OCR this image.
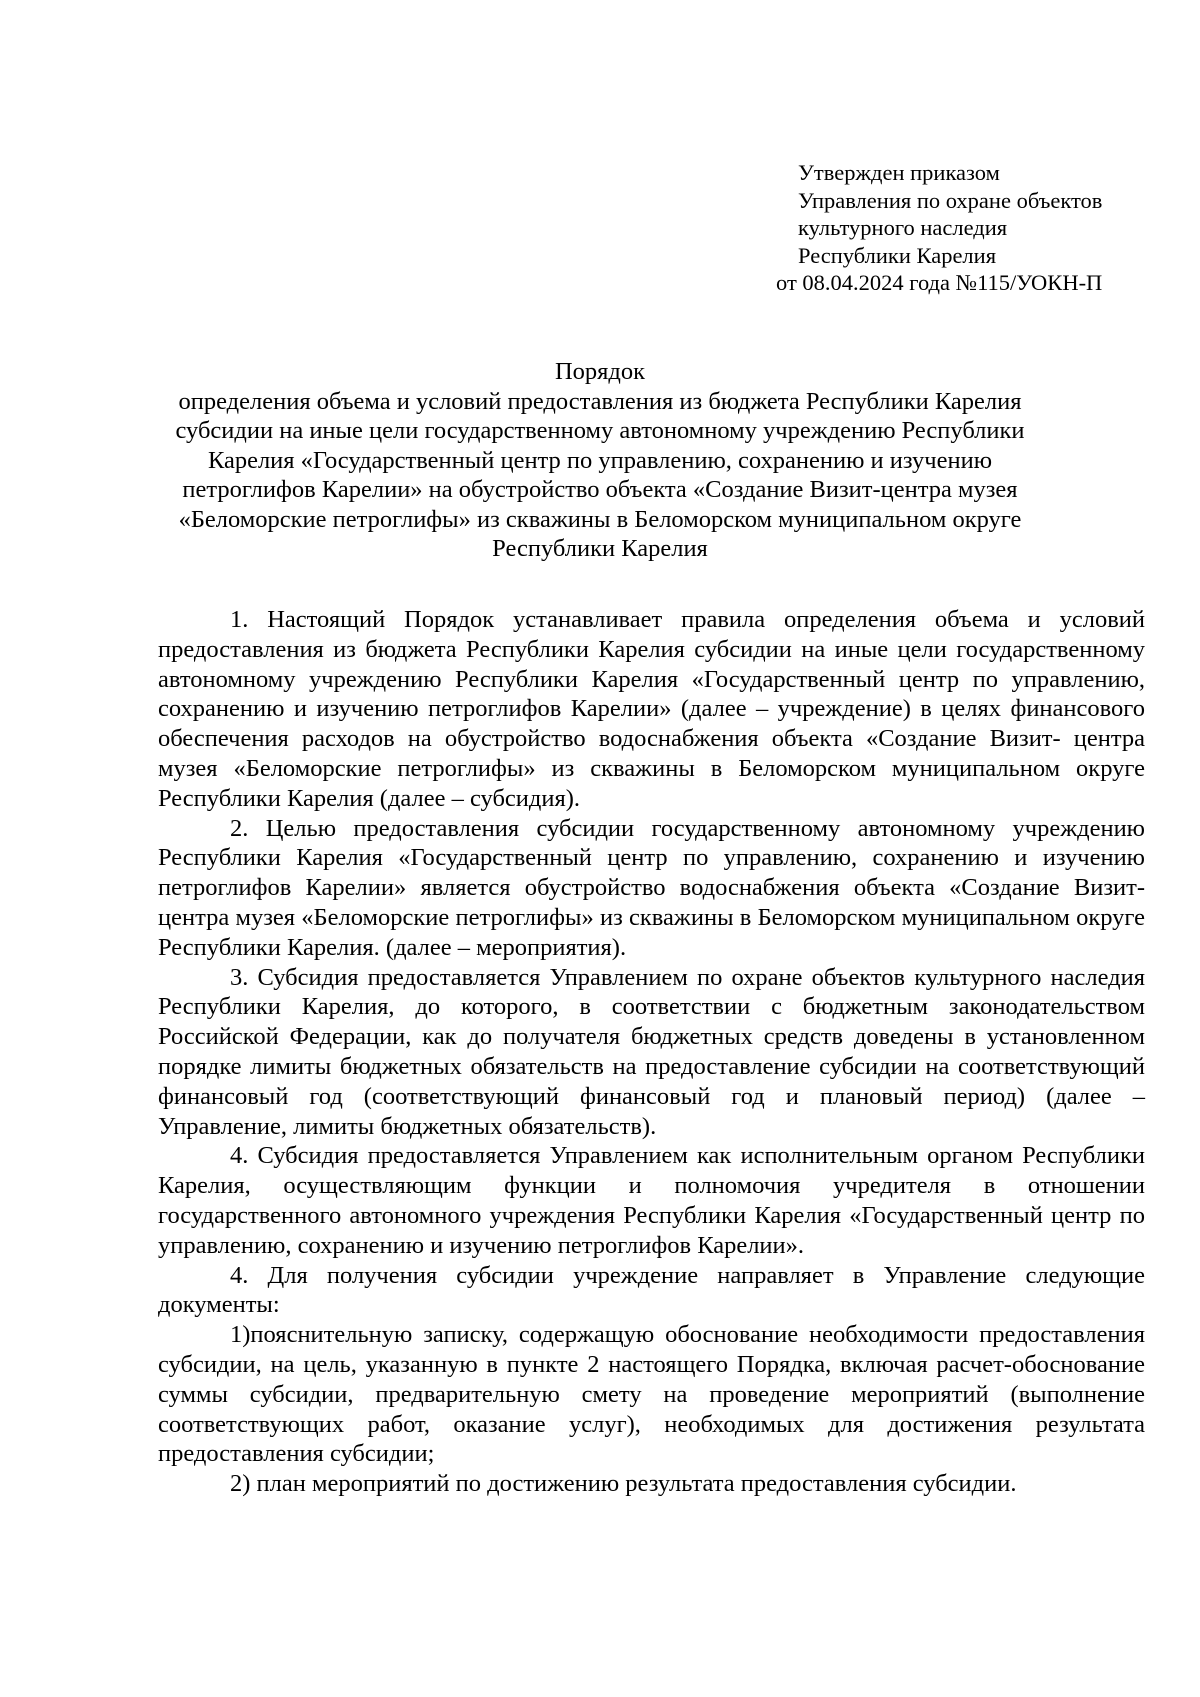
Утвержден приказом
Управления по охране объектов
культурного наследия
Республики Карелия
от 08.04.2024 года №115/УОКН-П
Порядок
определения объема и условий предоставления из бюджета Республики Карелия
субсидии на иные цели государственному автономному учреждению Республики
Карелия «Государственный центр по управлению, сохранению и изучению
петроглифов Карелии» на обустройство объекта «Создание Визит-центра музея
«Беломорские петроглифы» из скважины в Беломорском муниципальном округе
Республики Карелия

1. Настоящий Порядок устанавливает правила определения объема и условий предоставления из бюджета Республики Карелия субсидии на иные цели государственному автономному учреждению Республики Карелия «Государственный центр по управлению, сохранению и изучению петроглифов Карелии» (далее – учреждение) в целях финансового обеспечения расходов на обустройство водоснабжения объекта «Создание Визит- центра музея «Беломорские петроглифы» из скважины в Беломорском муниципальном округе Республики Карелия (далее – субсидия).

2. Целью предоставления субсидии государственному автономному учреждению Республики Карелия «Государственный центр по управлению, сохранению и изучению петроглифов Карелии» является обустройство водоснабжения объекта «Создание Визит-центра музея «Беломорские петроглифы» из скважины в Беломорском муниципальном округе Республики Карелия. (далее – мероприятия).

3. Субсидия предоставляется Управлением по охране объектов культурного наследия Республики Карелия, до которого, в соответствии с бюджетным законодательством Российской Федерации, как до получателя бюджетных средств доведены в установленном порядке лимиты бюджетных обязательств на предоставление субсидии на соответствующий финансовый год (соответствующий финансовый год и плановый период) (далее – Управление, лимиты бюджетных обязательств).

4. Субсидия предоставляется Управлением как исполнительным органом Республики Карелия, осуществляющим функции и полномочия учредителя в отношении государственного автономного учреждения Республики Карелия «Государственный центр по управлению, сохранению и изучению петроглифов Карелии».

4. Для получения субсидии учреждение направляет в Управление следующие документы:

1)пояснительную записку, содержащую обоснование необходимости предоставления субсидии, на цель, указанную в пункте 2 настоящего Порядка, включая расчет-обоснование суммы субсидии, предварительную смету на проведение мероприятий (выполнение соответствующих работ, оказание услуг), необходимых для достижения результата предоставления субсидии;

2) план мероприятий по достижению результата предоставления субсидии.
